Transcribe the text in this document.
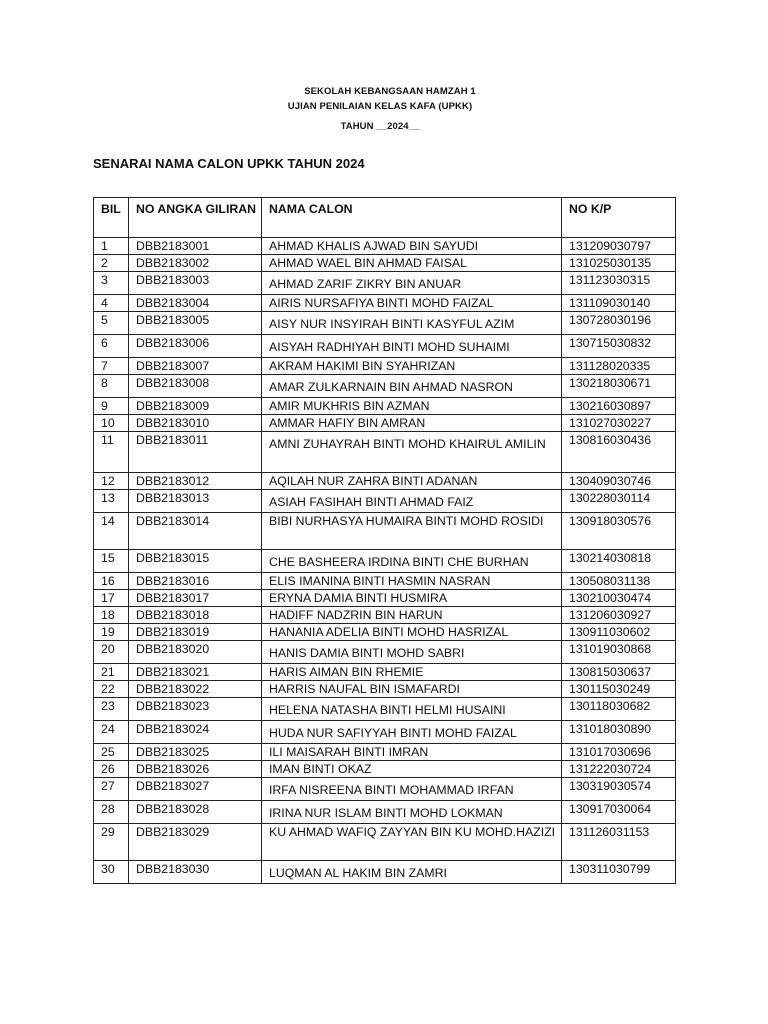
SEKOLAH KEBANGSAAN HAMZAH 1
UJIAN PENILAIAN KELAS KAFA (UPKK)
TAHUN __2024__
SENARAI NAMA CALON UPKK TAHUN 2024
BIL	NO ANGKA GILIRAN	NAMA CALON	NO K/P
1	DBB2183001	AHMAD KHALIS AJWAD BIN SAYUDI	131209030797
2	DBB2183002	AHMAD WAEL BIN AHMAD FAISAL	131025030135
3	DBB2183003	AHMAD ZARIF ZIKRY BIN ANUAR	131123030315
4	DBB2183004	AIRIS NURSAFIYA BINTI MOHD FAIZAL	131109030140
5	DBB2183005	AISY NUR INSYIRAH BINTI KASYFUL AZIM	130728030196
6	DBB2183006	AISYAH RADHIYAH BINTI MOHD SUHAIMI	130715030832
7	DBB2183007	AKRAM HAKIMI BIN SYAHRIZAN	131128020335
8	DBB2183008	AMAR ZULKARNAIN BIN AHMAD NASRON	130218030671
9	DBB2183009	AMIR MUKHRIS BIN AZMAN	130216030897
10	DBB2183010	AMMAR HAFIY BIN AMRAN	131027030227
11	DBB2183011	AMNI ZUHAYRAH BINTI MOHD KHAIRUL AMILIN	130816030436
12	DBB2183012	AQILAH NUR ZAHRA BINTI ADANAN	130409030746
13	DBB2183013	ASIAH FASIHAH BINTI AHMAD FAIZ	130228030114
14	DBB2183014	BIBI NURHASYA HUMAIRA BINTI MOHD ROSIDI	130918030576
15	DBB2183015	CHE BASHEERA IRDINA BINTI CHE BURHAN	130214030818
16	DBB2183016	ELIS IMANINA BINTI HASMIN NASRAN	130508031138
17	DBB2183017	ERYNA DAMIA BINTI HUSMIRA	130210030474
18	DBB2183018	HADIFF NADZRIN BIN HARUN	131206030927
19	DBB2183019	HANANIA ADELIA BINTI MOHD HASRIZAL	130911030602
20	DBB2183020	HANIS DAMIA BINTI MOHD SABRI	131019030868
21	DBB2183021	HARIS AIMAN BIN RHEMIE	130815030637
22	DBB2183022	HARRIS NAUFAL BIN ISMAFARDI	130115030249
23	DBB2183023	HELENA NATASHA BINTI HELMI HUSAINI	130118030682
24	DBB2183024	HUDA NUR SAFIYYAH BINTI MOHD FAIZAL	131018030890
25	DBB2183025	ILI MAISARAH BINTI IMRAN	131017030696
26	DBB2183026	IMAN BINTI OKAZ	131222030724
27	DBB2183027	IRFA NISREENA BINTI MOHAMMAD IRFAN	130319030574
28	DBB2183028	IRINA NUR ISLAM BINTI MOHD LOKMAN	130917030064
29	DBB2183029	KU AHMAD WAFIQ ZAYYAN BIN KU MOHD.HAZIZI	131126031153
30	DBB2183030	LUQMAN AL HAKIM BIN ZAMRI	130311030799
